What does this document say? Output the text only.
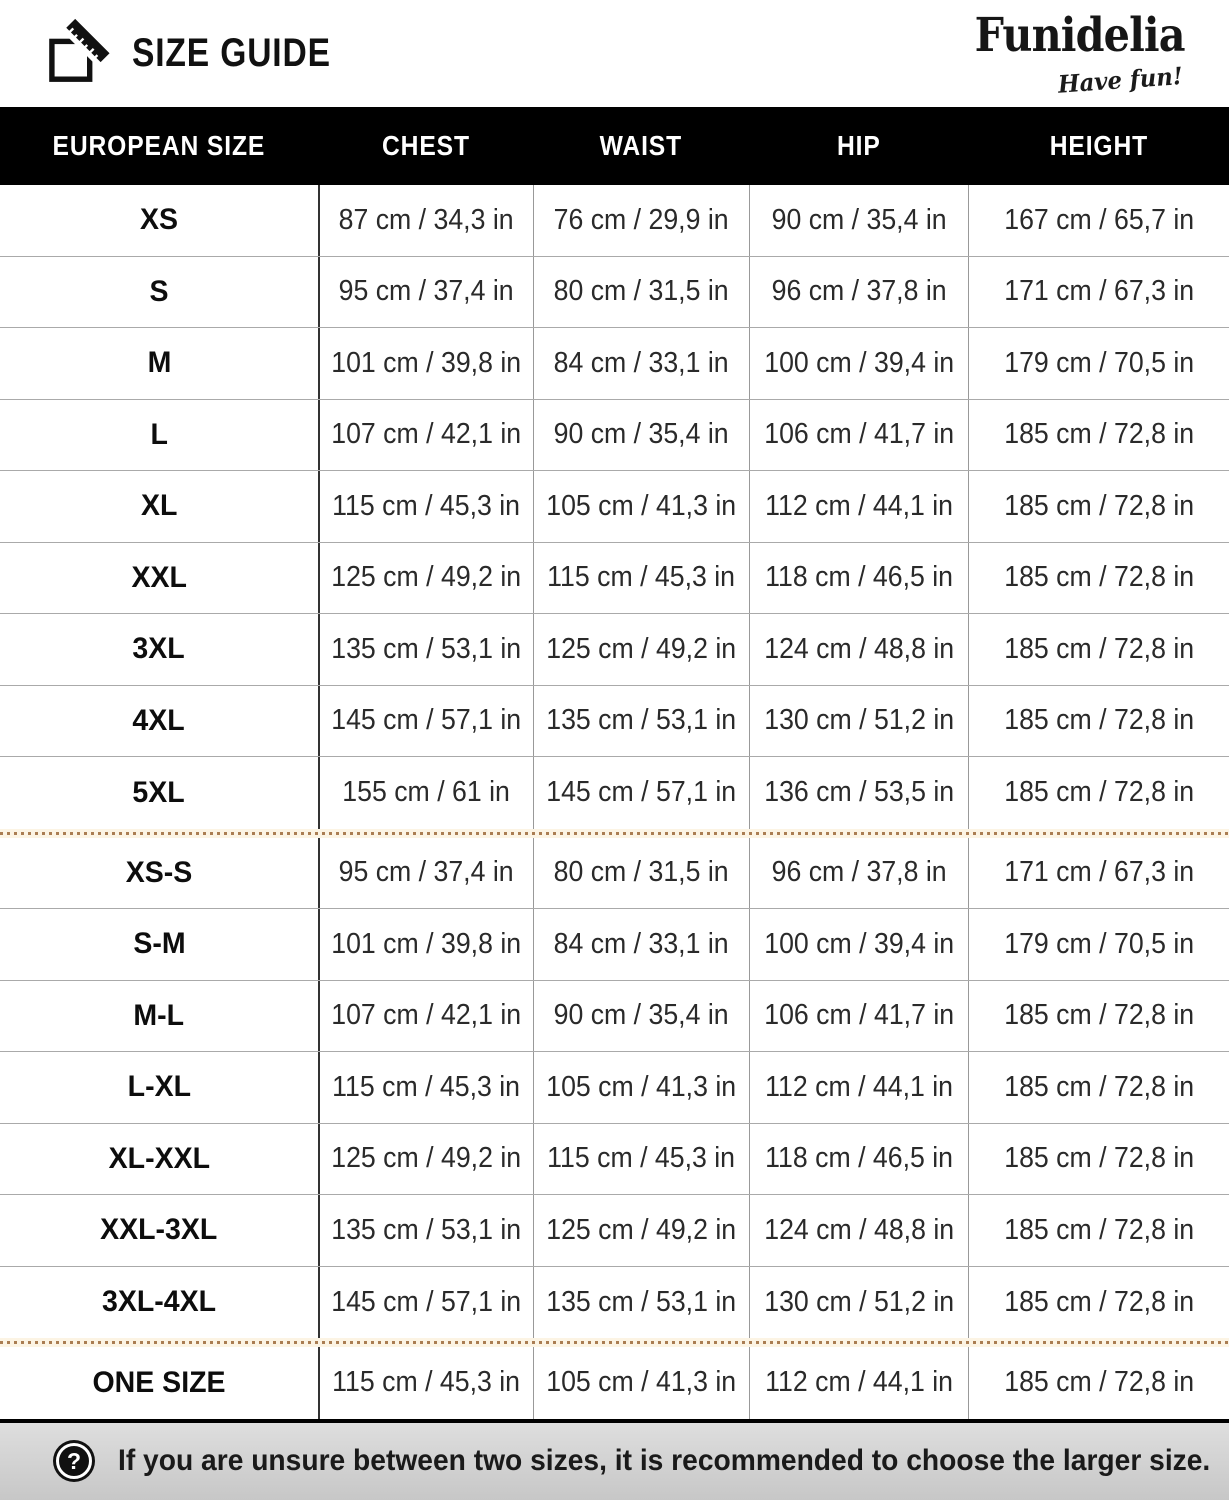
SIZE GUIDE	Funidelia
Have fun!
EUROPEAN SIZE	CHEST	WAIST	HIP	HEIGHT
XS	87 cm / 34,3 in 76 cm / 29,9 in 90 cm / 35,4 in 167 cm / 65,7 in
S	95 cm / 37,4 in 80 cm / 31,5 in 96 cm / 37,8 in 171 cm / 67,3 in
M	101 cm / 39,8 in 84 cm / 33,1 in 100 cm / 39,4 in 179 cm / 70,5 in
L	107 cm / 42,1 in 90 cm / 35,4 in 106 cm / 41,7 in 185 cm / 72,8 in
XL	115 cm / 45,3 in 105 cm / 41,3 in 112 cm / 44,1 in 185 cm / 72,8 in
XXL	125 cm / 49,2 in 115 cm / 45,3 in 118 cm / 46,5 in 185 cm / 72,8 in
3XL	135 cm / 53,1 in 125 cm / 49,2 in 124 cm / 48,8 in 185 cm / 72,8 in
4XL	145 cm / 57,1 in 135 cm / 53,1 in 130 cm / 51,2 in 185 cm / 72,8 in
5XL	155 cm / 61 in 145 cm / 57,1 in 136 cm / 53,5 in 185 cm / 72,8 in
XS-S	95 cm / 37,4 in 80 cm / 31,5 in 96 cm / 37,8 in 171 cm / 67,3 in
S-M	101 cm / 39,8 in 84 cm / 33,1 in 100 cm / 39,4 in 179 cm / 70,5 in
M-L	107 cm / 42,1 in 90 cm / 35,4 in 106 cm / 41,7 in 185 cm / 72,8 in
L-XL	115 cm / 45,3 in 105 cm / 41,3 in 112 cm / 44,1 in 185 cm / 72,8 in
XL-XXL	125 cm / 49,2 in 115 cm / 45,3 in 118 cm / 46,5 in 185 cm / 72,8 in
XXL-3XL	135 cm / 53,1 in 125 cm / 49,2 in 124 cm / 48,8 in 185 cm / 72,8 in
3XL-4XL	145 cm / 57,1 in 135 cm / 53,1 in 130 cm / 51,2 in 185 cm / 72,8 in
ONE SIZE	115 cm / 45,3 in 105 cm / 41,3 in 112 cm / 44,1 in 185 cm / 72,8 in
? If you are unsure between two sizes, it is recommended to choose the larger size.
